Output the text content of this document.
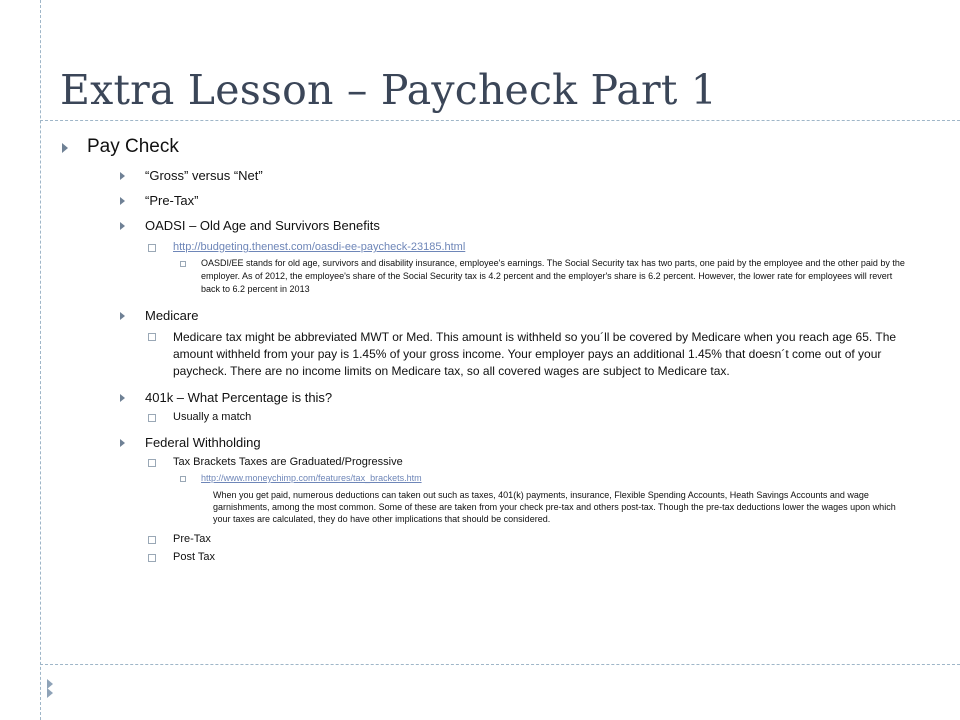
Extra Lesson – Paycheck Part 1
Pay Check
“Gross” versus “Net”
“Pre-Tax”
OADSI – Old Age and Survivors Benefits
http://budgeting.thenest.com/oasdi-ee-paycheck-23185.html
OASDI/EE stands for old age, survivors and disability insurance, employee's earnings. The Social Security tax has two parts, one paid by the employee and the other paid by the employer. As of 2012, the employee's share of the Social Security tax is 4.2 percent and the employer's share is 6.2 percent. However, the lower rate for employees will revert back to 6.2 percent in 2013
Medicare
Medicare tax might be abbreviated MWT or Med. This amount is withheld so you´ll be covered by Medicare when you reach age 65. The amount withheld from your pay is 1.45% of your gross income. Your employer pays an additional 1.45% that doesn´t come out of your paycheck. There are no income limits on Medicare tax, so all covered wages are subject to Medicare tax.
401k – What Percentage is this?
Usually a match
Federal Withholding
Tax Brackets Taxes are Graduated/Progressive
http://www.moneychimp.com/features/tax_brackets.htm
When you get paid, numerous deductions can taken out such as taxes, 401(k) payments, insurance, Flexible Spending Accounts, Heath Savings Accounts and wage garnishments, among the most common. Some of these are taken from your check pre-tax and others post-tax. Though the pre-tax deductions lower the wages upon which your taxes are calculated, they do have other implications that should be considered.
Pre-Tax
Post Tax
